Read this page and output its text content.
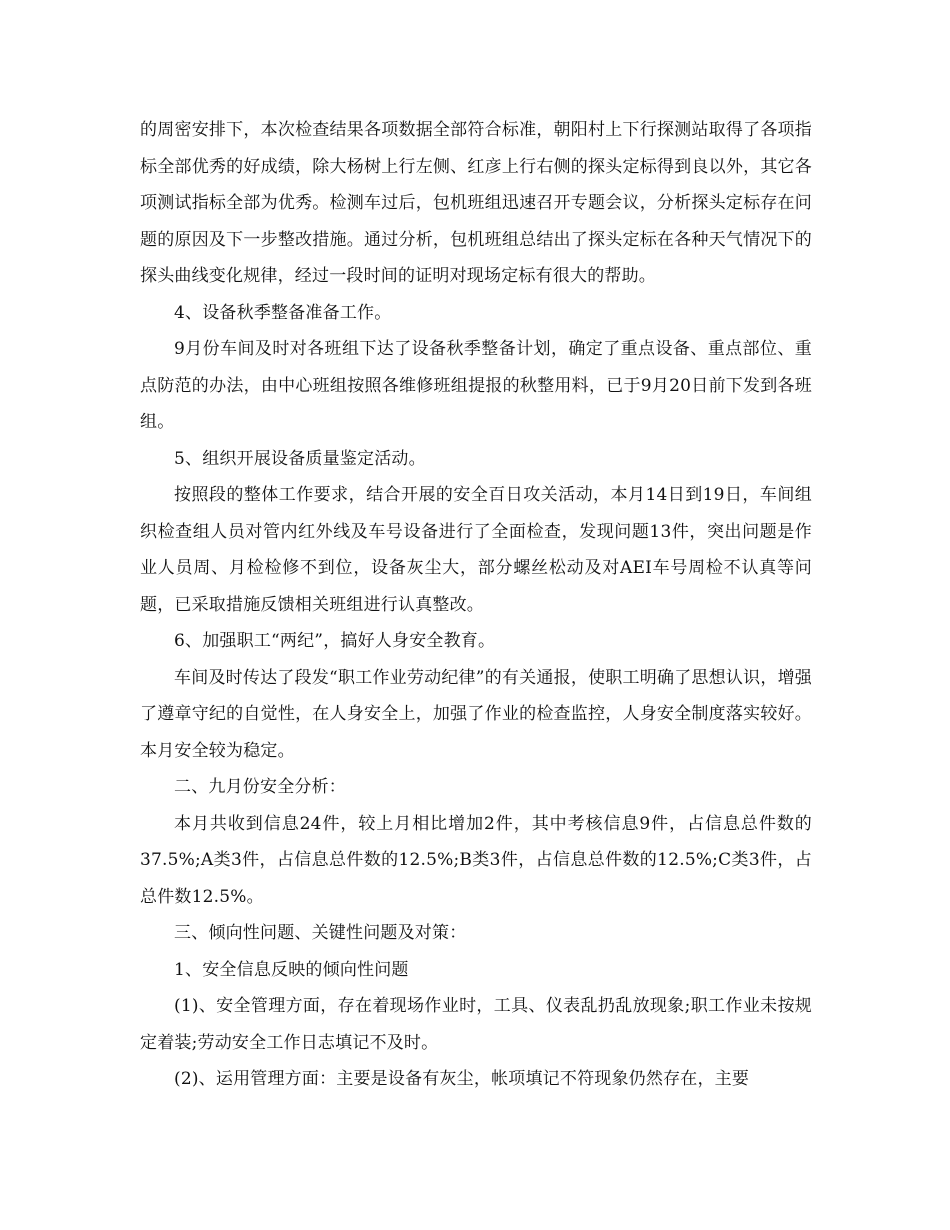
的周密安排下，本次检查结果各项数据全部符合标准，朝阳村上下行探测站取得了各项指标全部优秀的好成绩，除大杨树上行左侧、红彦上行右侧的探头定标得到良以外，其它各项测试指标全部为优秀。检测车过后，包机班组迅速召开专题会议，分析探头定标存在问题的原因及下一步整改措施。通过分析，包机班组总结出了探头定标在各种天气情况下的探头曲线变化规律，经过一段时间的证明对现场定标有很大的帮助。

4、设备秋季整备准备工作。

9月份车间及时对各班组下达了设备秋季整备计划，确定了重点设备、重点部位、重点防范的办法，由中心班组按照各维修班组提报的秋整用料，已于9月20日前下发到各班组。

5、组织开展设备质量鉴定活动。

按照段的整体工作要求，结合开展的安全百日攻关活动，本月14日到19日，车间组织检查组人员对管内红外线及车号设备进行了全面检查，发现问题13件，突出问题是作业人员周、月检检修不到位，设备灰尘大，部分螺丝松动及对AEI车号周检不认真等问题，已采取措施反馈相关班组进行认真整改。

6、加强职工“两纪”，搞好人身安全教育。

车间及时传达了段发“职工作业劳动纪律”的有关通报，使职工明确了思想认识，增强了遵章守纪的自觉性，在人身安全上，加强了作业的检查监控，人身安全制度落实较好。本月安全较为稳定。

二、九月份安全分析：

本月共收到信息24件，较上月相比增加2件，其中考核信息9件，占信息总件数的37.5%;A类3件，占信息总件数的12.5%;B类3件，占信息总件数的12.5%;C类3件，占总件数12.5%。

三、倾向性问题、关键性问题及对策：

1、安全信息反映的倾向性问题

(1)、安全管理方面，存在着现场作业时，工具、仪表乱扔乱放现象;职工作业未按规定着装;劳动安全工作日志填记不及时。

(2)、运用管理方面：主要是设备有灰尘，帐项填记不符现象仍然存在，主要
